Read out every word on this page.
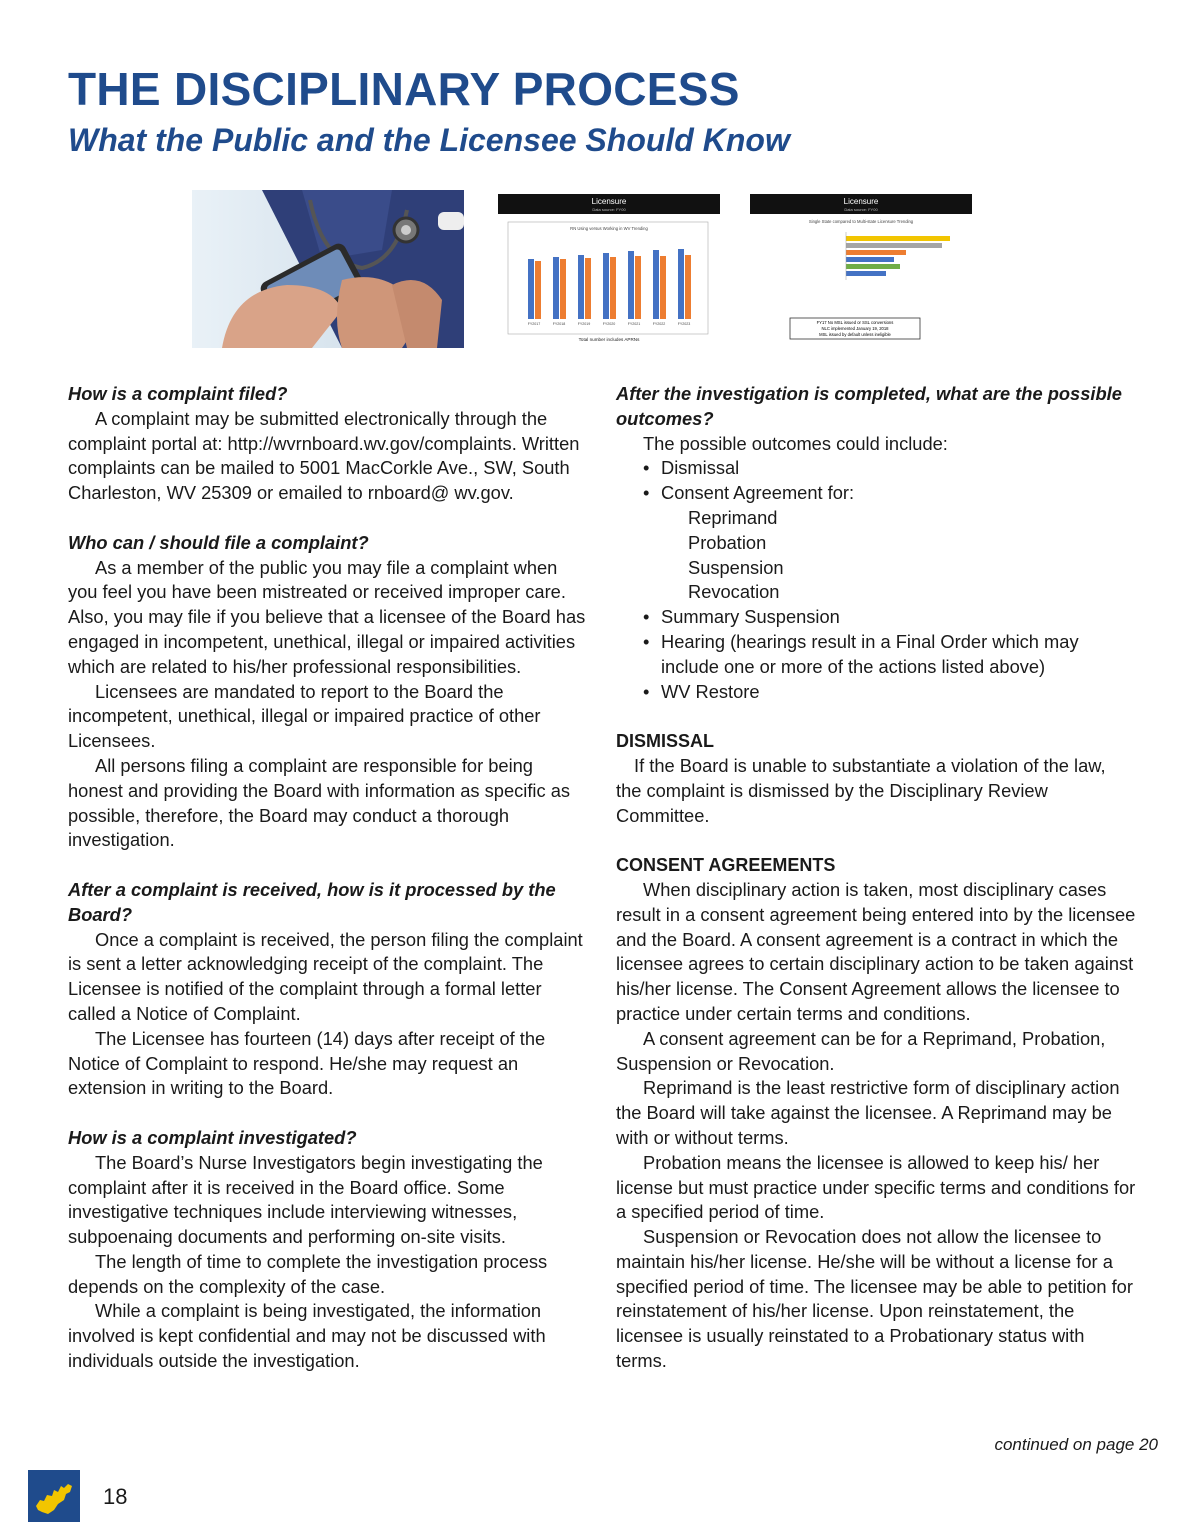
THE DISCIPLINARY PROCESS
What the Public and the Licensee Should Know
Licensure
Data source: FY00
RN Using versus Working in WV Trending
FY2017	FY2018	FY2019	FY2020	FY2021	FY2022	FY2023
Total number includes APRNs
Licensure
Data source: FY00
Single State compared to Multi-state Licensure Trending
FY17 No MSL issued or SSL conversions
NLC implemented January 19, 2018
MSL issued by default unless ineligible

How is a complaint filed?

A complaint may be submitted electronically through the complaint portal at: http://wvrnboard.wv.gov/complaints. Written complaints can be mailed to 5001 MacCorkle Ave., SW, South Charleston, WV 25309 or emailed to rnboard@ wv.gov.

Who can / should file a complaint?

As a member of the public you may file a complaint when you feel you have been mistreated or received improper care. Also, you may file if you believe that a licensee of the Board has engaged in incompetent, unethical, illegal or impaired activities which are related to his/her professional responsibilities.

Licensees are mandated to report to the Board the incompetent, unethical, illegal or impaired practice of other Licensees.

All persons filing a complaint are responsible for being honest and providing the Board with information as specific as possible, therefore, the Board may conduct a thorough investigation.

After a complaint is received, how is it processed by the Board?

Once a complaint is received, the person filing the complaint is sent a letter acknowledging receipt of the complaint. The Licensee is notified of the complaint through a formal letter called a Notice of Complaint.

The Licensee has fourteen (14) days after receipt of the Notice of Complaint to respond. He/she may request an extension in writing to the Board.

How is a complaint investigated?

The Board’s Nurse Investigators begin investigating the complaint after it is received in the Board office. Some investigative techniques include interviewing witnesses, subpoenaing documents and performing on-site visits.

The length of time to complete the investigation process depends on the complexity of the case.

While a complaint is being investigated, the information involved is kept confidential and may not be discussed with individuals outside the investigation.

After the investigation is completed, what are the possible outcomes?

The possible outcomes could include:

• Dismissal
• Consent Agreement for:
Reprimand
Probation
Suspension
Revocation
• Summary Suspension
• Hearing (hearings result in a Final Order which may include one or more of the actions listed above)
• WV Restore

DISMISSAL

If the Board is unable to substantiate a violation of the law, the complaint is dismissed by the Disciplinary Review Committee.

CONSENT AGREEMENTS

When disciplinary action is taken, most disciplinary cases result in a consent agreement being entered into by the licensee and the Board. A consent agreement is a contract in which the licensee agrees to certain disciplinary action to be taken against his/her license. The Consent Agreement allows the licensee to practice under certain terms and conditions.

A consent agreement can be for a Reprimand, Probation, Suspension or Revocation.

Reprimand is the least restrictive form of disciplinary action the Board will take against the licensee. A Reprimand may be with or without terms.

Probation means the licensee is allowed to keep his/ her license but must practice under specific terms and conditions for a specified period of time.

Suspension or Revocation does not allow the licensee to maintain his/her license. He/she will be without a license for a specified period of time. The licensee may be able to petition for reinstatement of his/her license. Upon reinstatement, the licensee is usually reinstated to a Probationary status with terms.

continued on page 20
18
